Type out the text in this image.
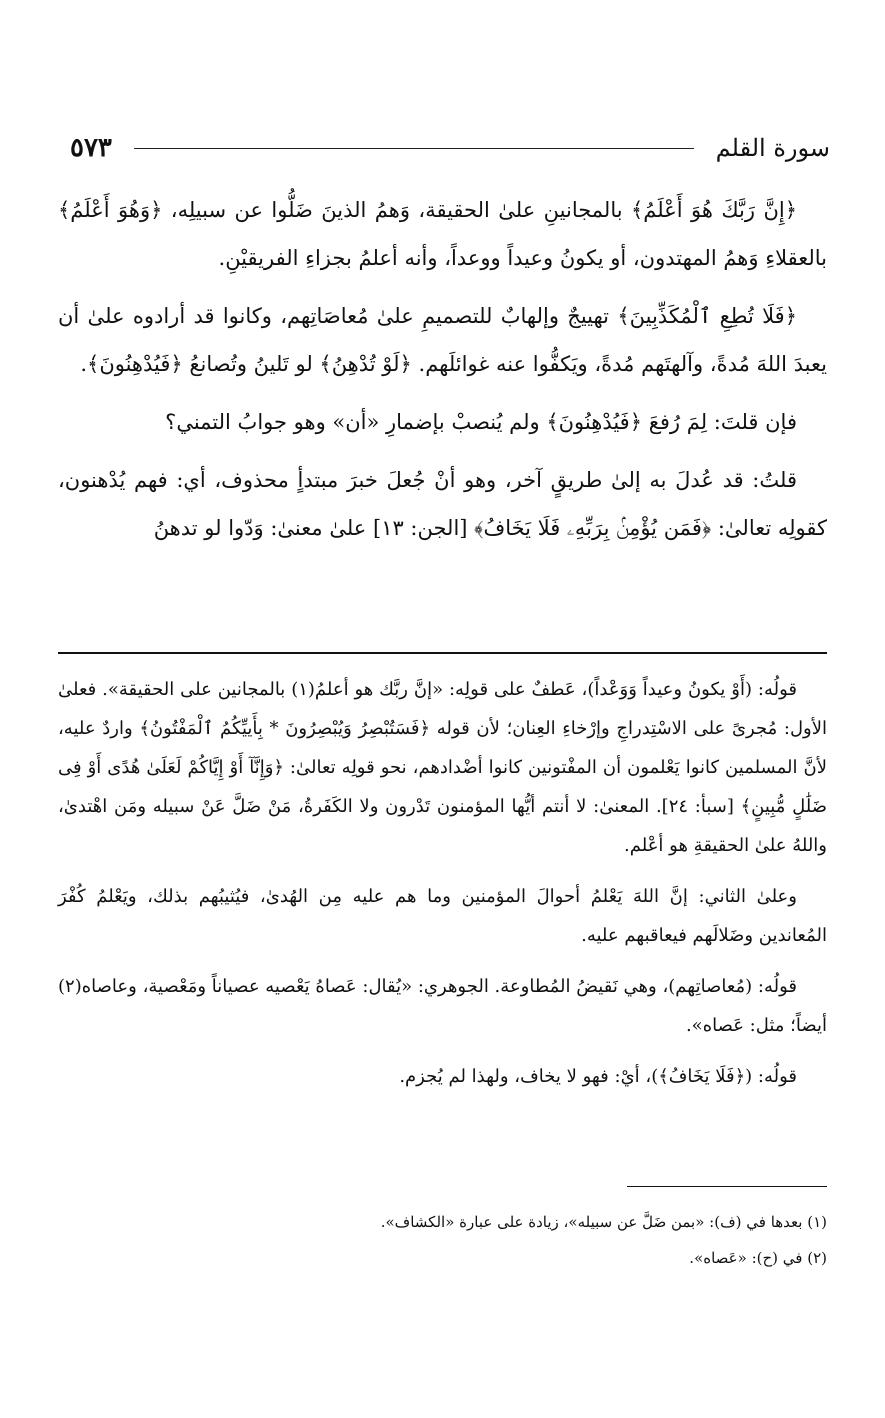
سورة القلم
٥٧٣

﴿إِنَّ رَبَّكَ هُوَ أَعْلَمُ﴾ بالمجانينِ علىٰ الحقيقة، وَهمُ الذينَ ضَلُّوا عن سبيلِه، ﴿وَهُوَ أَعْلَمُ﴾ بالعقلاءِ وَهمُ المهتدون، أو يكونُ وعيداً ووعداً، وأنه أعلمُ بجزاءِ الفريقيْنِ.

﴿فَلَا تُطِعِ ٱلْمُكَذِّبِينَ﴾ تهييجٌ وإلهابٌ للتصميمِ علىٰ مُعاصَاتِهم، وكانوا قد أرادوه علىٰ أن يعبدَ اللهَ مُدةً، وآلهتَهم مُدةً، ويَكفُّوا عنه غوائلَهم. ﴿لَوْ تُدْهِنُ﴾ لو تَلينُ وتُصانعُ ﴿فَيُدْهِنُونَ﴾.

فإن قلتَ: لِمَ رُفعَ ﴿فَيُدْهِنُونَ﴾ ولم يُنصبْ بإضمارِ «أن» وهو جوابُ التمني؟

قلتُ: قد عُدلَ به إلىٰ طريقٍ آخر، وهو أنْ جُعلَ خبرَ مبتدأٍ محذوف، أي: فهم يُدْهنون، كقولِه تعالىٰ: ﴿فَمَن يُؤْمِنۢ بِرَبِّهِۦ فَلَا يَخَافُ﴾ [الجن: ١٣] علىٰ معنىٰ: وَدّوا لو تدهنُ

قولُه: (أَوْ يكونُ وعيداً وَوَعْداً)، عَطفٌ على قولِه: «إنَّ ربَّك هو أعلمُ(١) بالمجانين على الحقيقة». فعلىٰ الأول: مُجرىً على الاسْتِدراجِ وإرْخاءِ العِنان؛ لأن قوله ﴿فَسَتُبْصِرُ وَيُبْصِرُونَ * بِأَييِّكُمُ ٱلْمَفْتُونُ﴾ واردٌ عليه، لأنَّ المسلمين كانوا يَعْلمون أن المفْتونين كانوا أضْدادهم، نحو قولِه تعالىٰ: ﴿وَإِنَّآ أَوْ إِيَّاكُمْ لَعَلَىٰ هُدًى أَوْ فِى ضَلَٰلٍ مُّبِينٍ﴾ [سبأ: ٢٤]. المعنىٰ: لا أنتم أيُّها المؤمنون تَدْرون ولا الكَفَرةُ، مَنْ ضَلَّ عَنْ سبيله ومَن اهْتدىٰ، واللهُ علىٰ الحقيقةِ هو أعْلم.

وعلىٰ الثاني: إنَّ اللهَ يَعْلمُ أحوالَ المؤمنين وما هم عليه مِن الهُدىٰ، فيُثيبُهم بذلك، ويَعْلمُ كُفْرَ المُعاندين وضَلالَهم فيعاقبهم عليه.

قولُه: (مُعاصاتِهم)، وهي نَقيضُ المُطاوعة. الجوهري: «يُقال: عَصاهُ يَعْصيه عصياناً ومَعْصية، وعاصاه(٢) أيضاً؛ مثل: عَصاه».

قولُه: (﴿فَلَا يَخَافُ﴾)، أيْ: فهو لا يخاف، ولهذا لم يُجزم.

(١) بعدها في (ف): «بمن ضَلَّ عن سبيله»، زيادة على عبارة «الكشاف».
(٢) في (ح): «عَصاه».
